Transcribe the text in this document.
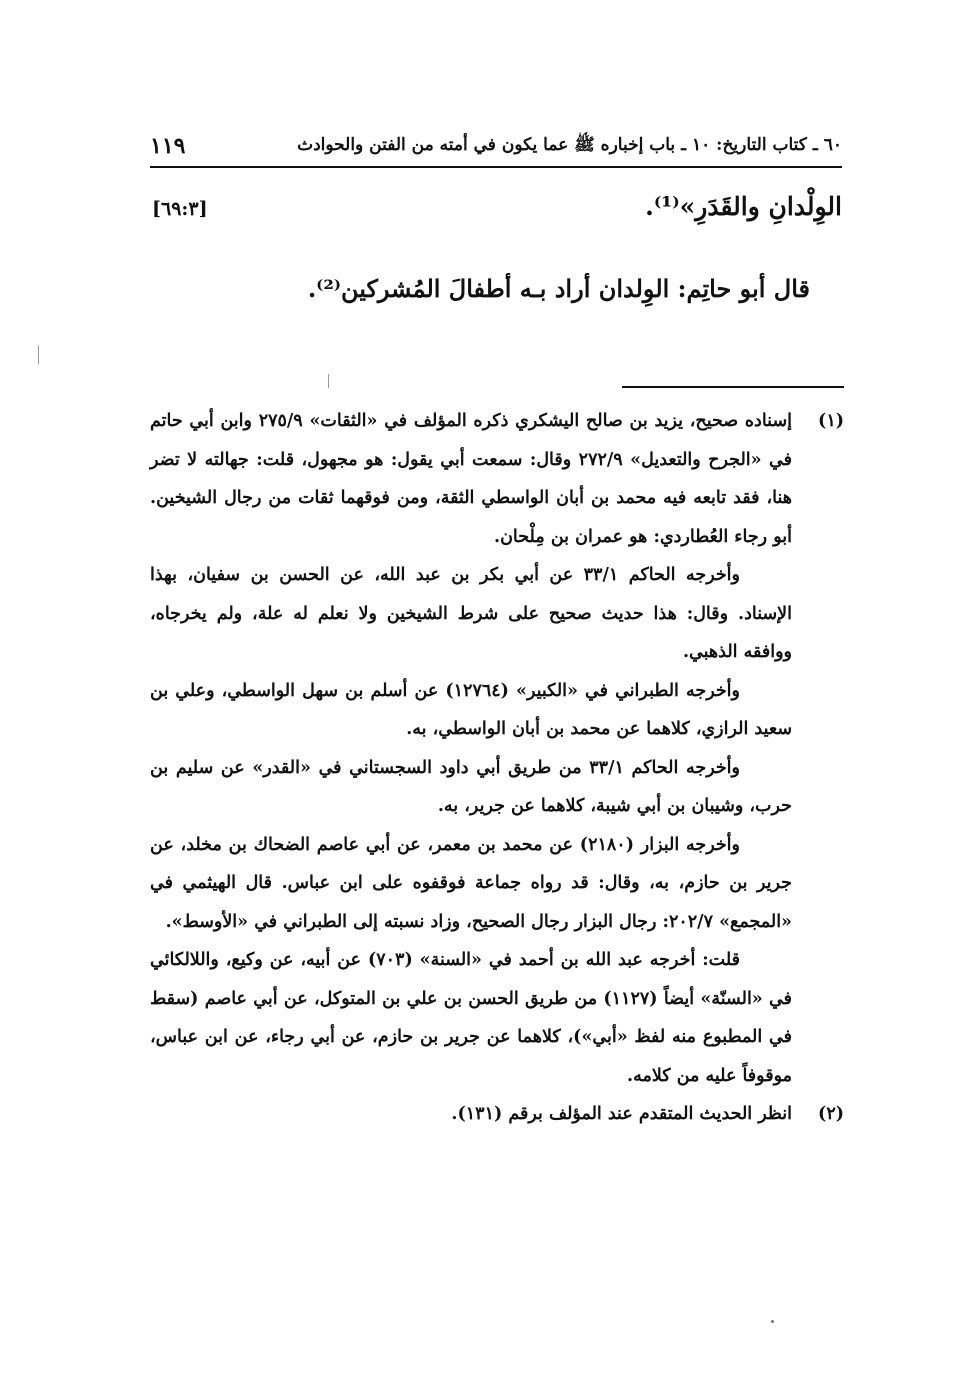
٦٠ ـ كتاب التاريخ: ١٠ ـ باب إخباره ﷺ عما يكون في أمته من الفتن والحوادث
١١٩
الوِلْدانِ والقَدَرِ»⁽¹⁾.
[٦٩:٣]
قال أبو حاتِم: الوِلدان أراد بـه أطفالَ المُشركين⁽²⁾.
(١)

إسناده صحيح، يزيد بن صالح اليشكري ذكره المؤلف في «الثقات» ٢٧٥/٩ وابن أبي حاتم في «الجرح والتعديل» ٢٧٢/٩ وقال: سمعت أبي يقول: هو مجهول، قلت: جهالته لا تضر هنا، فقد تابعه فيه محمد بن أبان الواسطي الثقة، ومن فوقهما ثقات من رجال الشيخين. أبو رجاء العُطاردي: هو عمران بن مِلْحان.

وأخرجه الحاكم ٣٣/١ عن أبي بكر بن عبد الله، عن الحسن بن سفيان، بهذا الإسناد. وقال: هذا حديث صحيح على شرط الشيخين ولا نعلم له علة، ولم يخرجاه، ووافقه الذهبي.

وأخرجه الطبراني في «الكبير» (١٢٧٦٤) عن أسلم بن سهل الواسطي، وعلي بن سعيد الرازي، كلاهما عن محمد بن أبان الواسطي، به.

وأخرجه الحاكم ٣٣/١ من طريق أبي داود السجستاني في «القدر» عن سليم بن حرب، وشيبان بن أبي شيبة، كلاهما عن جرير، به.

وأخرجه البزار (٢١٨٠) عن محمد بن معمر، عن أبي عاصم الضحاك بن مخلد، عن جرير بن حازم، به، وقال: قد رواه جماعة فوقفوه على ابن عباس. قال الهيثمي في «المجمع» ٢٠٢/٧: رجال البزار رجال الصحيح، وزاد نسبته إلى الطبراني في «الأوسط».

قلت: أخرجه عبد الله بن أحمد في «السنة» (٧٠٣) عن أبيه، عن وكيع، واللالكائي في «السنّة» أيضاً (١١٢٧) من طريق الحسن بن علي بن المتوكل، عن أبي عاصم (سقط في المطبوع منه لفظ «أبي»)، كلاهما عن جرير بن حازم، عن أبي رجاء، عن ابن عباس، موقوفاً عليه من كلامه.

(٢)

انظر الحديث المتقدم عند المؤلف برقم (١٣١).
